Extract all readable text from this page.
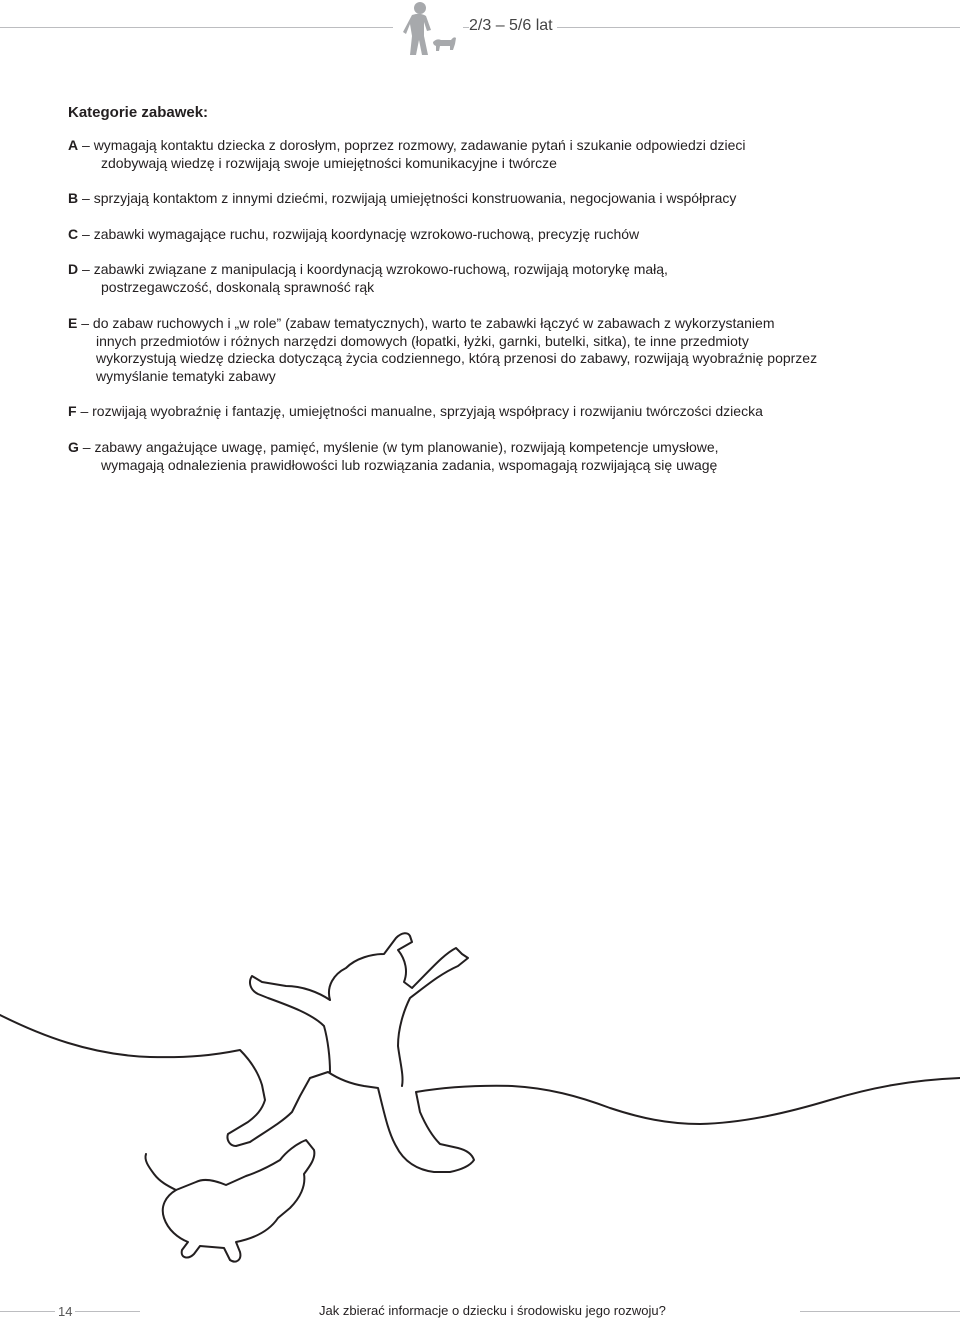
2/3 – 5/6 lat
Kategorie zabawek:
A – wymagają kontaktu dziecka z dorosłym, poprzez rozmowy, zadawanie pytań i szukanie odpowiedzi dzieci
zdobywają wiedzę i rozwijają swoje umiejętności komunikacyjne i twórcze
B – sprzyjają kontaktom z innymi dziećmi, rozwijają umiejętności konstruowania, negocjowania i współpracy
C – zabawki wymagające ruchu, rozwijają koordynację wzrokowo-ruchową, precyzję ruchów
D – zabawki związane z manipulacją i koordynacją wzrokowo-ruchową, rozwijają motorykę małą,
postrzegawczość, doskonalą sprawność rąk
E – do zabaw ruchowych i „w role” (zabaw tematycznych), warto te zabawki łączyć w zabawach z wykorzystaniem
innych przedmiotów i różnych narzędzi domowych (łopatki, łyżki, garnki, butelki, sitka), te inne przedmioty
wykorzystują wiedzę dziecka dotyczącą życia codziennego, którą przenosi do zabawy, rozwijają wyobraźnię poprzez
wymyślanie tematyki zabawy
F – rozwijają wyobraźnię i fantazję, umiejętności manualne, sprzyjają współpracy i rozwijaniu twórczości dziecka
G – zabawy angażujące uwagę, pamięć, myślenie (w tym planowanie), rozwijają kompetencje umysłowe,
wymagają odnalezienia prawidłowości lub rozwiązania zadania, wspomagają rozwijającą się uwagę
14	Jak zbierać informacje o dziecku i środowisku jego rozwoju?
